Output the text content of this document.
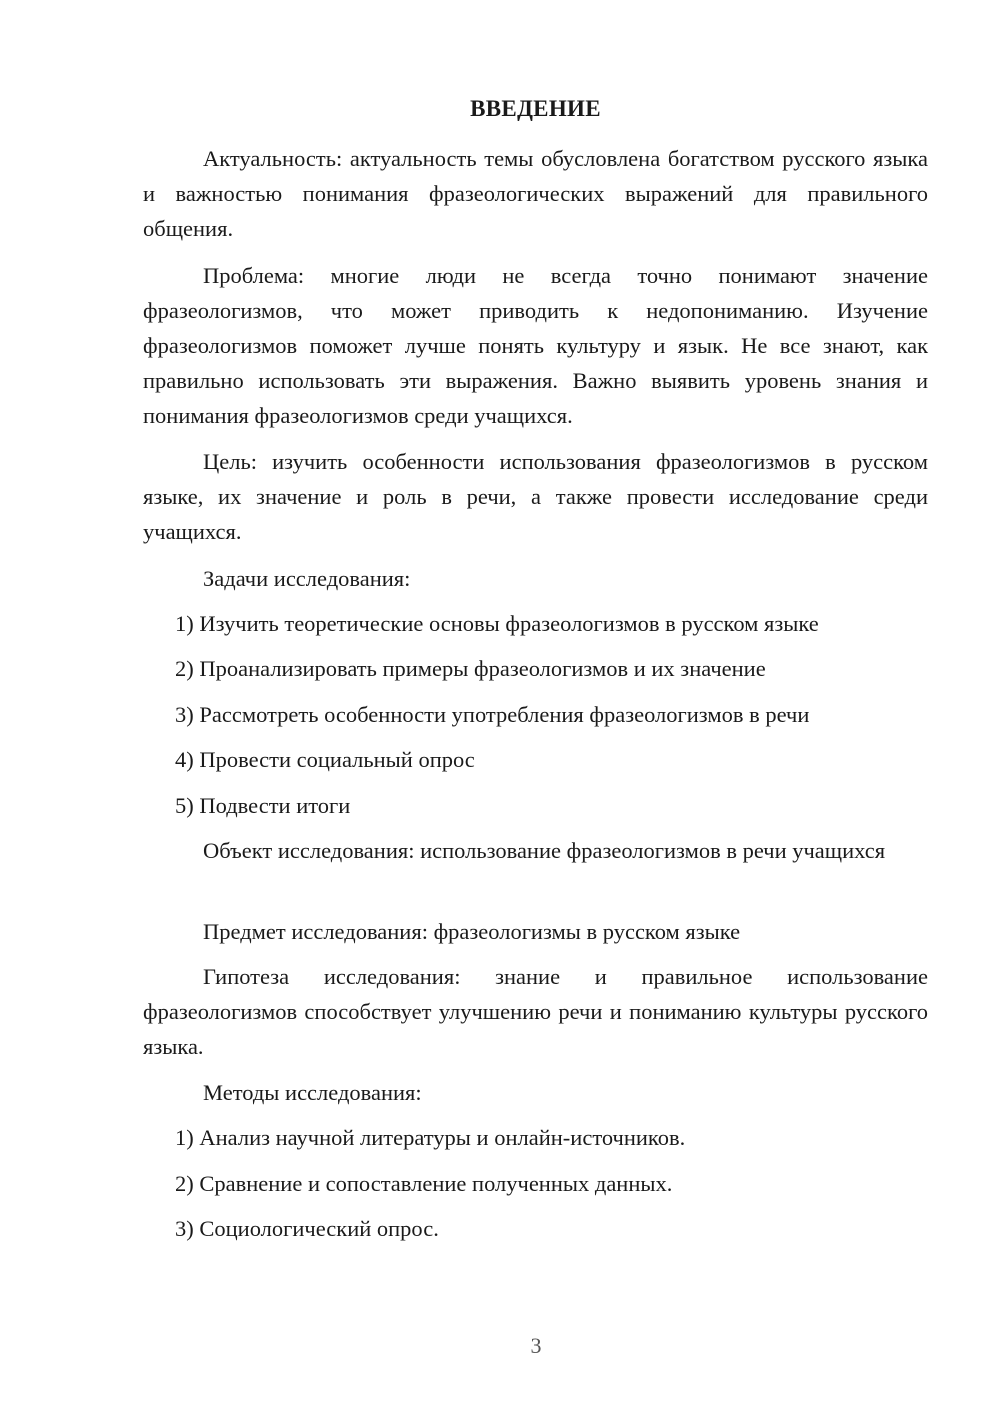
ВВЕДЕНИЕ

Актуальность: актуальность темы обусловлена богатством русского языка и важностью понимания фразеологических выражений для правильного общения.

Проблема: многие люди не всегда точно понимают значение фразеологизмов, что может приводить к недопониманию. Изучение фразеологизмов поможет лучше понять культуру и язык. Не все знают, как правильно использовать эти выражения. Важно выявить уровень знания и понимания фразеологизмов среди учащихся.

Цель: изучить особенности использования фразеологизмов в русском языке, их значение и роль в речи, а также провести исследование среди учащихся.

Задачи исследования:

1) Изучить теоретические основы фразеологизмов в русском языке

2) Проанализировать примеры фразеологизмов и их значение

3) Рассмотреть особенности употребления фразеологизмов в речи

4) Провести социальный опрос

5) Подвести итоги

Объект исследования: использование фразеологизмов в речи учащихся

Предмет исследования: фразеологизмы в русском языке

Гипотеза исследования: знание и правильное использование фразеологизмов способствует улучшению речи и пониманию культуры русского языка.

Методы исследования:

1) Анализ научной литературы и онлайн-источников.

2) Сравнение и сопоставление полученных данных.

3) Социологический опрос.

3
